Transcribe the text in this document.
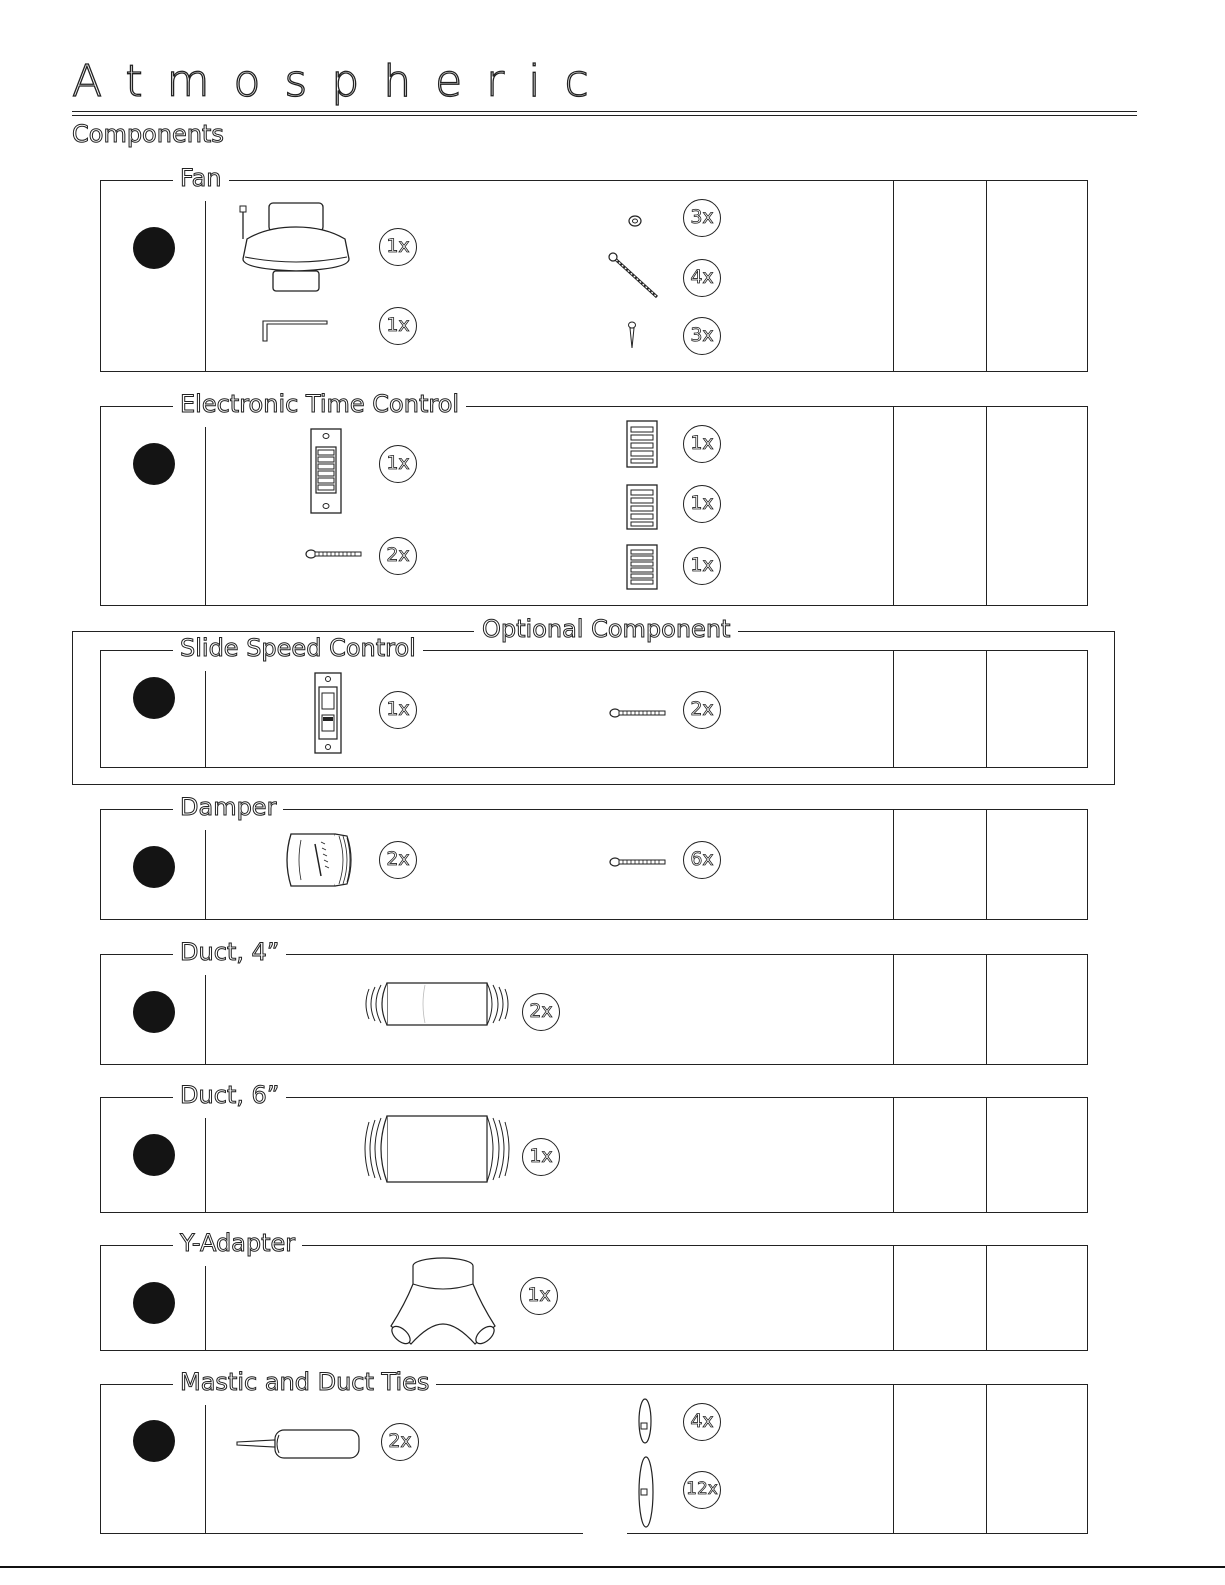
Atmospheric
Components
Optional Component
Fan
1x
1x
3x
4x
3x
Electronic Time Control
1x
2x
1x
1x
1x
Slide Speed Control
1x	2x
Damper
2x	6x
Duct, 4”
2x
Duct, 6”
1x
Y-Adapter
1x
Mastic and Duct Ties
2x
4x
12x
